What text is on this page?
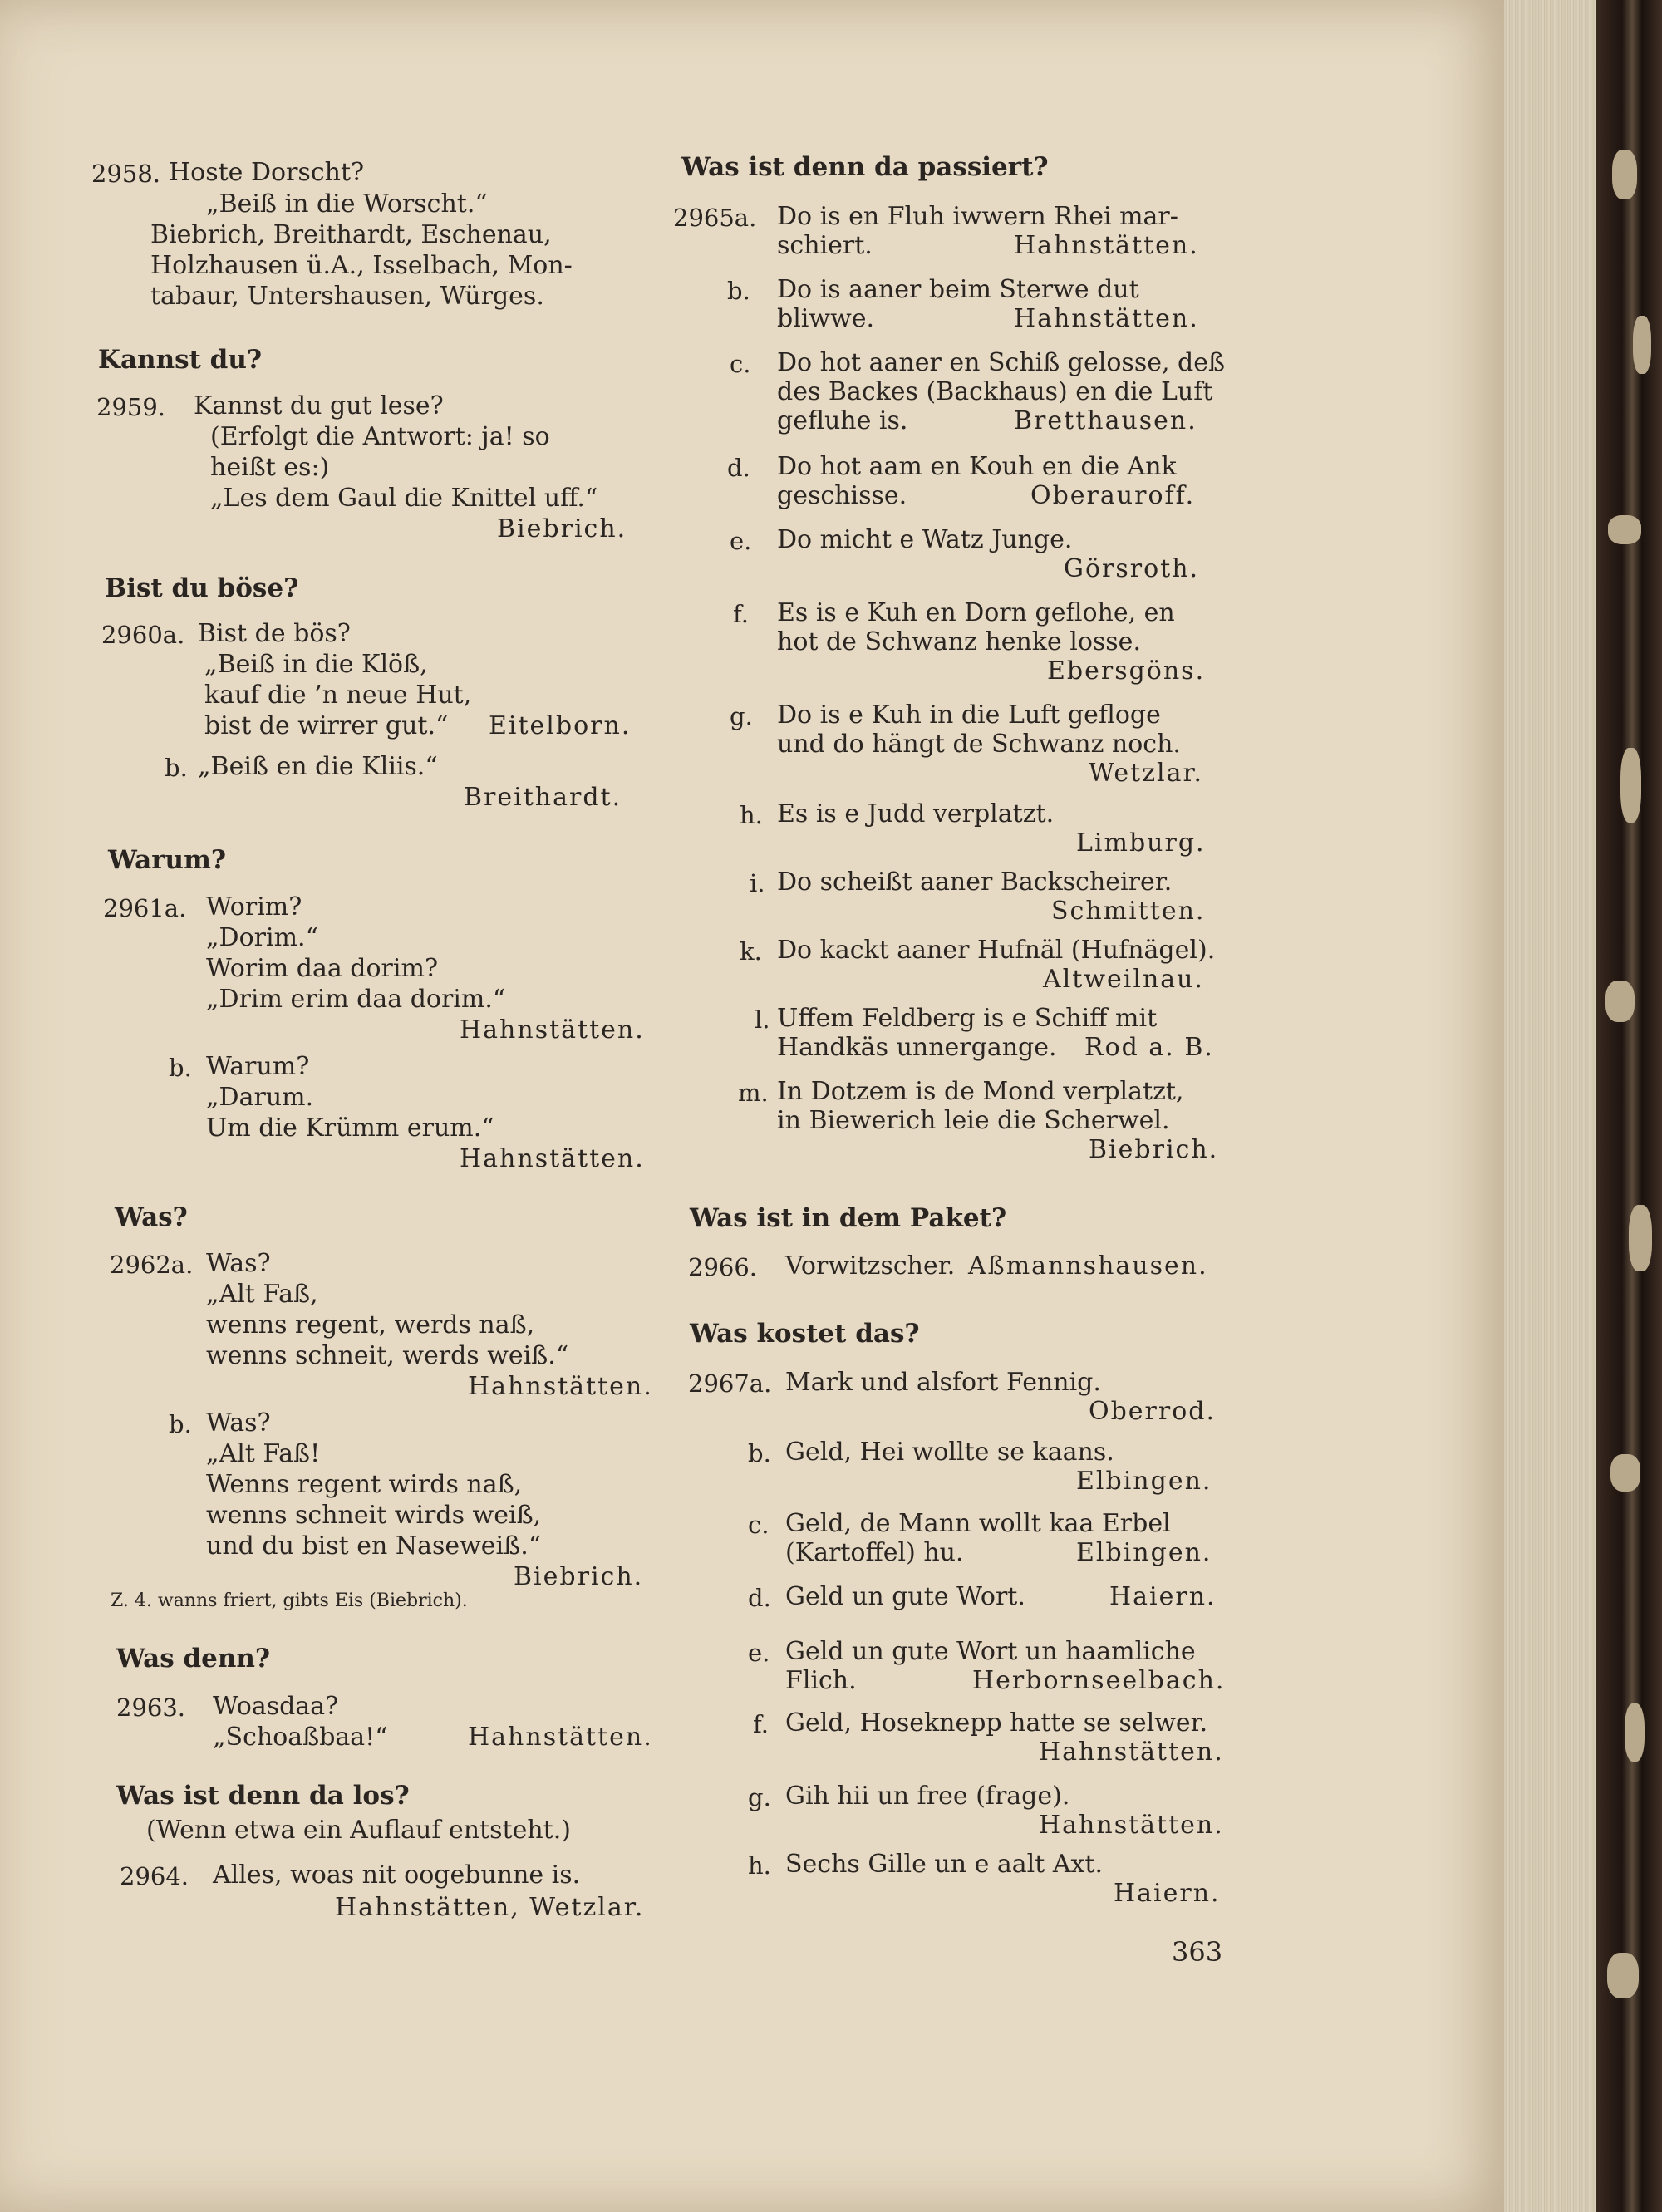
2958. Hoste Dorscht?
„Beiß in die Worscht.“
Biebrich, Breithardt, Eschenau,
Holzhausen ü.A., Isselbach, Mon-
tabaur, Untershausen, Würges.
Kannst du?
2959. Kannst du gut lese?
(Erfolgt die Antwort: ja! so
heißt es:)
„Les dem Gaul die Knittel uff.“
Biebrich.
Bist du böse?
2960a. Bist de bös?
„Beiß in die Klöß,
kauf die ’n neue Hut,
bist de wirrer gut.“ Eitelborn.
b. „Beiß en die Kliis.“
Breithardt.
Warum?
2961a. Worim?
„Dorim.“
Worim daa dorim?
„Drim erim daa dorim.“
Hahnstätten.
b. Warum?
„Darum.
Um die Krümm erum.“
Hahnstätten.
Was?
2962a. Was?
„Alt Faß,
wenns regent, werds naß,
wenns schneit, werds weiß.“
Hahnstätten.
b. Was?
„Alt Faß!
Wenns regent wirds naß,
wenns schneit wirds weiß,
und du bist en Naseweiß.“
Biebrich.
Z. 4. wanns friert, gibts Eis (Biebrich).
Was denn?
2963. Woasdaa?
„Schoaßbaa!“	Hahnstätten.
Was ist denn da los?
(Wenn etwa ein Auflauf entsteht.)
2964. Alles, woas nit oogebunne is.
Hahnstätten, Wetzlar.
Was ist denn da passiert?
2965a. Do is en Fluh iwwern Rhei mar-
schiert.	Hahnstätten.
b. Do is aaner beim Sterwe dut
bliwwe.	Hahnstätten.
c. Do hot aaner en Schiß gelosse, deß
des Backes (Backhaus) en die Luft
gefluhe is.	Bretthausen.
d. Do hot aam en Kouh en die Ank
geschisse.	Oberauroff.
e. Do micht e Watz Junge.
Görsroth.
f. Es is e Kuh en Dorn geflohe, en
hot de Schwanz henke losse.
Ebersgöns.
g. Do is e Kuh in die Luft gefloge
und do hängt de Schwanz noch.
Wetzlar.
h. Es is e Judd verplatzt.
Limburg.
i. Do scheißt aaner Backscheirer.
Schmitten.
k. Do kackt aaner Hufnäl (Hufnägel).
Altweilnau.
l. Uffem Feldberg is e Schiff mit
Handkäs unnergange. Rod a. B.
m. In Dotzem is de Mond verplatzt,
in Biewerich leie die Scherwel.
Biebrich.
Was ist in dem Paket?
2966. Vorwitzscher. Aßmannshausen.
Was kostet das?
2967a. Mark und alsfort Fennig.
Oberrod.
b. Geld, Hei wollte se kaans.
Elbingen.
c. Geld, de Mann wollt kaa Erbel
(Kartoffel) hu.	Elbingen.
d. Geld un gute Wort.	Haiern.
e. Geld un gute Wort un haamliche
Flich.	Herbornseelbach.
f. Geld, Hoseknepp hatte se selwer.
Hahnstätten.
g. Gih hii un free (frage).
Hahnstätten.
h. Sechs Gille un e aalt Axt.
Haiern.
363
